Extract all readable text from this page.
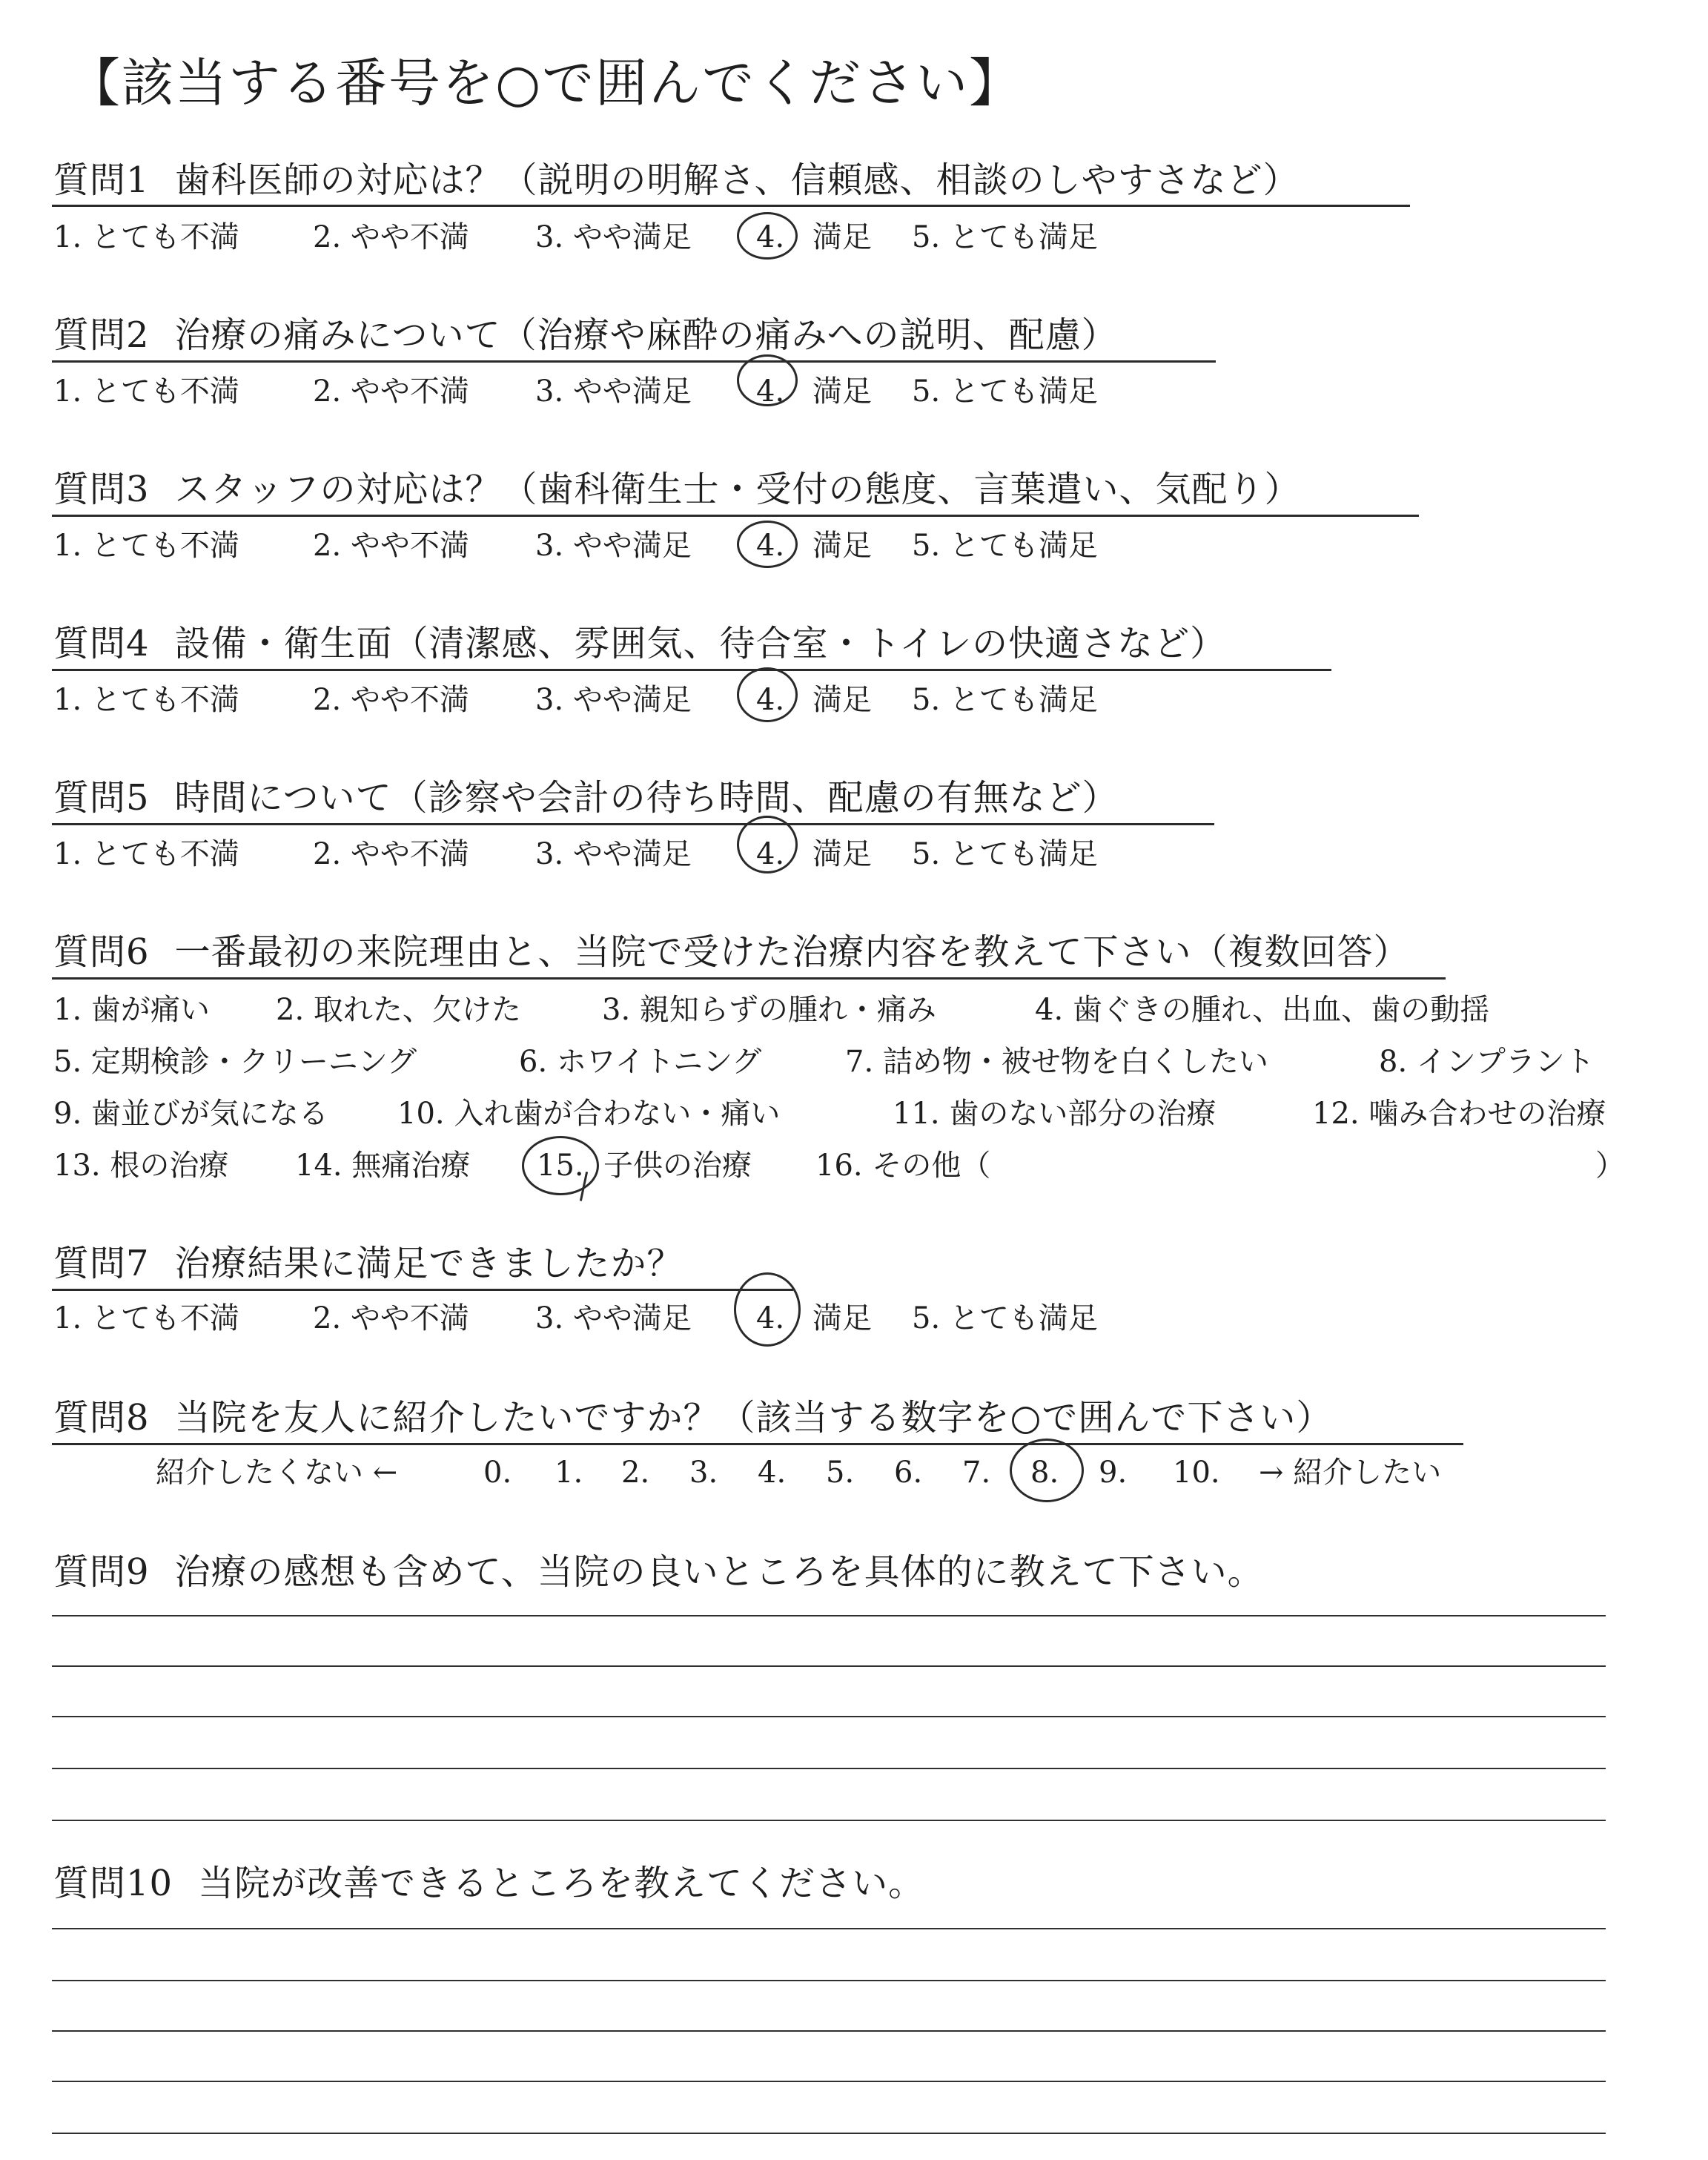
【該当する番号を○で囲んでください】
質問1 歯科医師の対応は？（説明の明解さ、信頼感、相談のしやすさなど）
1. とても不満 2. やや不満 3. やや満足 4. 満足 5. とても満足
質問2 治療の痛みについて（治療や麻酔の痛みへの説明、配慮）
1. とても不満 2. やや不満 3. やや満足 4. 満足 5. とても満足
質問3 スタッフの対応は？（歯科衛生士・受付の態度、言葉遣い、気配り）
1. とても不満 2. やや不満 3. やや満足 4. 満足 5. とても満足
質問4 設備・衛生面（清潔感、雰囲気、待合室・トイレの快適さなど）
1. とても不満 2. やや不満 3. やや満足 4. 満足 5. とても満足
質問5 時間について（診察や会計の待ち時間、配慮の有無など）
1. とても不満 2. やや不満 3. やや満足 4. 満足 5. とても満足
質問6 一番最初の来院理由と、当院で受けた治療内容を教えて下さい（複数回答）
1. 歯が痛い 2. 取れた、欠けた	3. 親知らずの腫れ・痛み	4. 歯ぐきの腫れ、出血、歯の動揺
5. 定期検診・クリーニング	6. ホワイトニング	7. 詰め物・被せ物を白くしたい	8. インプラント
9. 歯並びが気になる 10. 入れ歯が合わない・痛い	11. 歯のない部分の治療	12. 噛み合わせの治療
13. 根の治療 14. 無痛治療 15. 子供の治療 16. その他（	）
質問7 治療結果に満足できましたか？
1. とても不満 2. やや不満 3. やや満足 4. 満足 5. とても満足
質問8 当院を友人に紹介したいですか？（該当する数字を○で囲んで下さい）
紹介したくない ←	0. 1. 2. 3. 4. 5. 6. 7. 8. 9. 10. → 紹介したい
質問9 治療の感想も含めて、当院の良いところを具体的に教えて下さい。
質問10 当院が改善できるところを教えてください。
